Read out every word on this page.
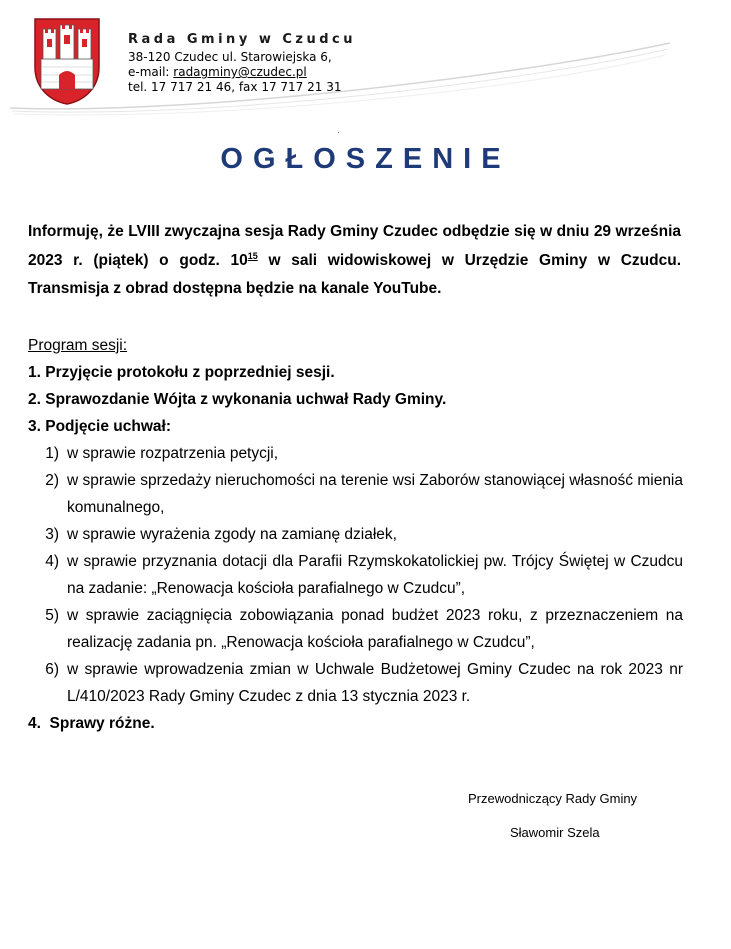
Rada Gminy w Czudcu
38-120 Czudec ul. Starowiejska 6,
e-mail: radagminy@czudec.pl
tel. 17 717 21 46, fax 17 717 21 31
·
OGŁOSZENIE
Informuję, że LVIII zwyczajna sesja Rady Gminy Czudec odbędzie się w dniu 29 września 2023 r. (piątek) o godz. $10^{15}$ w sali widowiskowej w Urzędzie Gminy w Czudcu. Transmisja z obrad dostępna będzie na kanale YouTube.
Program sesji:
1. Przyjęcie protokołu z poprzedniej sesji.
2. Sprawozdanie Wójta z wykonania uchwał Rady Gminy.
3. Podjęcie uchwał:
1) w sprawie rozpatrzenia petycji,
2) w sprawie sprzedaży nieruchomości na terenie wsi Zaborów stanowiącej własność mienia komunalnego,
3) w sprawie wyrażenia zgody na zamianę działek,
4) w sprawie przyznania dotacji dla Parafii Rzymskokatolickiej pw. Trójcy Świętej w Czudcu na zadanie: „Renowacja kościoła parafialnego w Czudcu”,
5) w sprawie zaciągnięcia zobowiązania ponad budżet 2023 roku, z przeznaczeniem na realizację zadania pn. „Renowacja kościoła parafialnego w Czudcu”,
6) w sprawie wprowadzenia zmian w Uchwale Budżetowej Gminy Czudec na rok 2023 nr L/410/2023 Rady Gminy Czudec z dnia 13 stycznia 2023 r.
4.  Sprawy różne.
Przewodniczący Rady Gminy
Sławomir Szela
